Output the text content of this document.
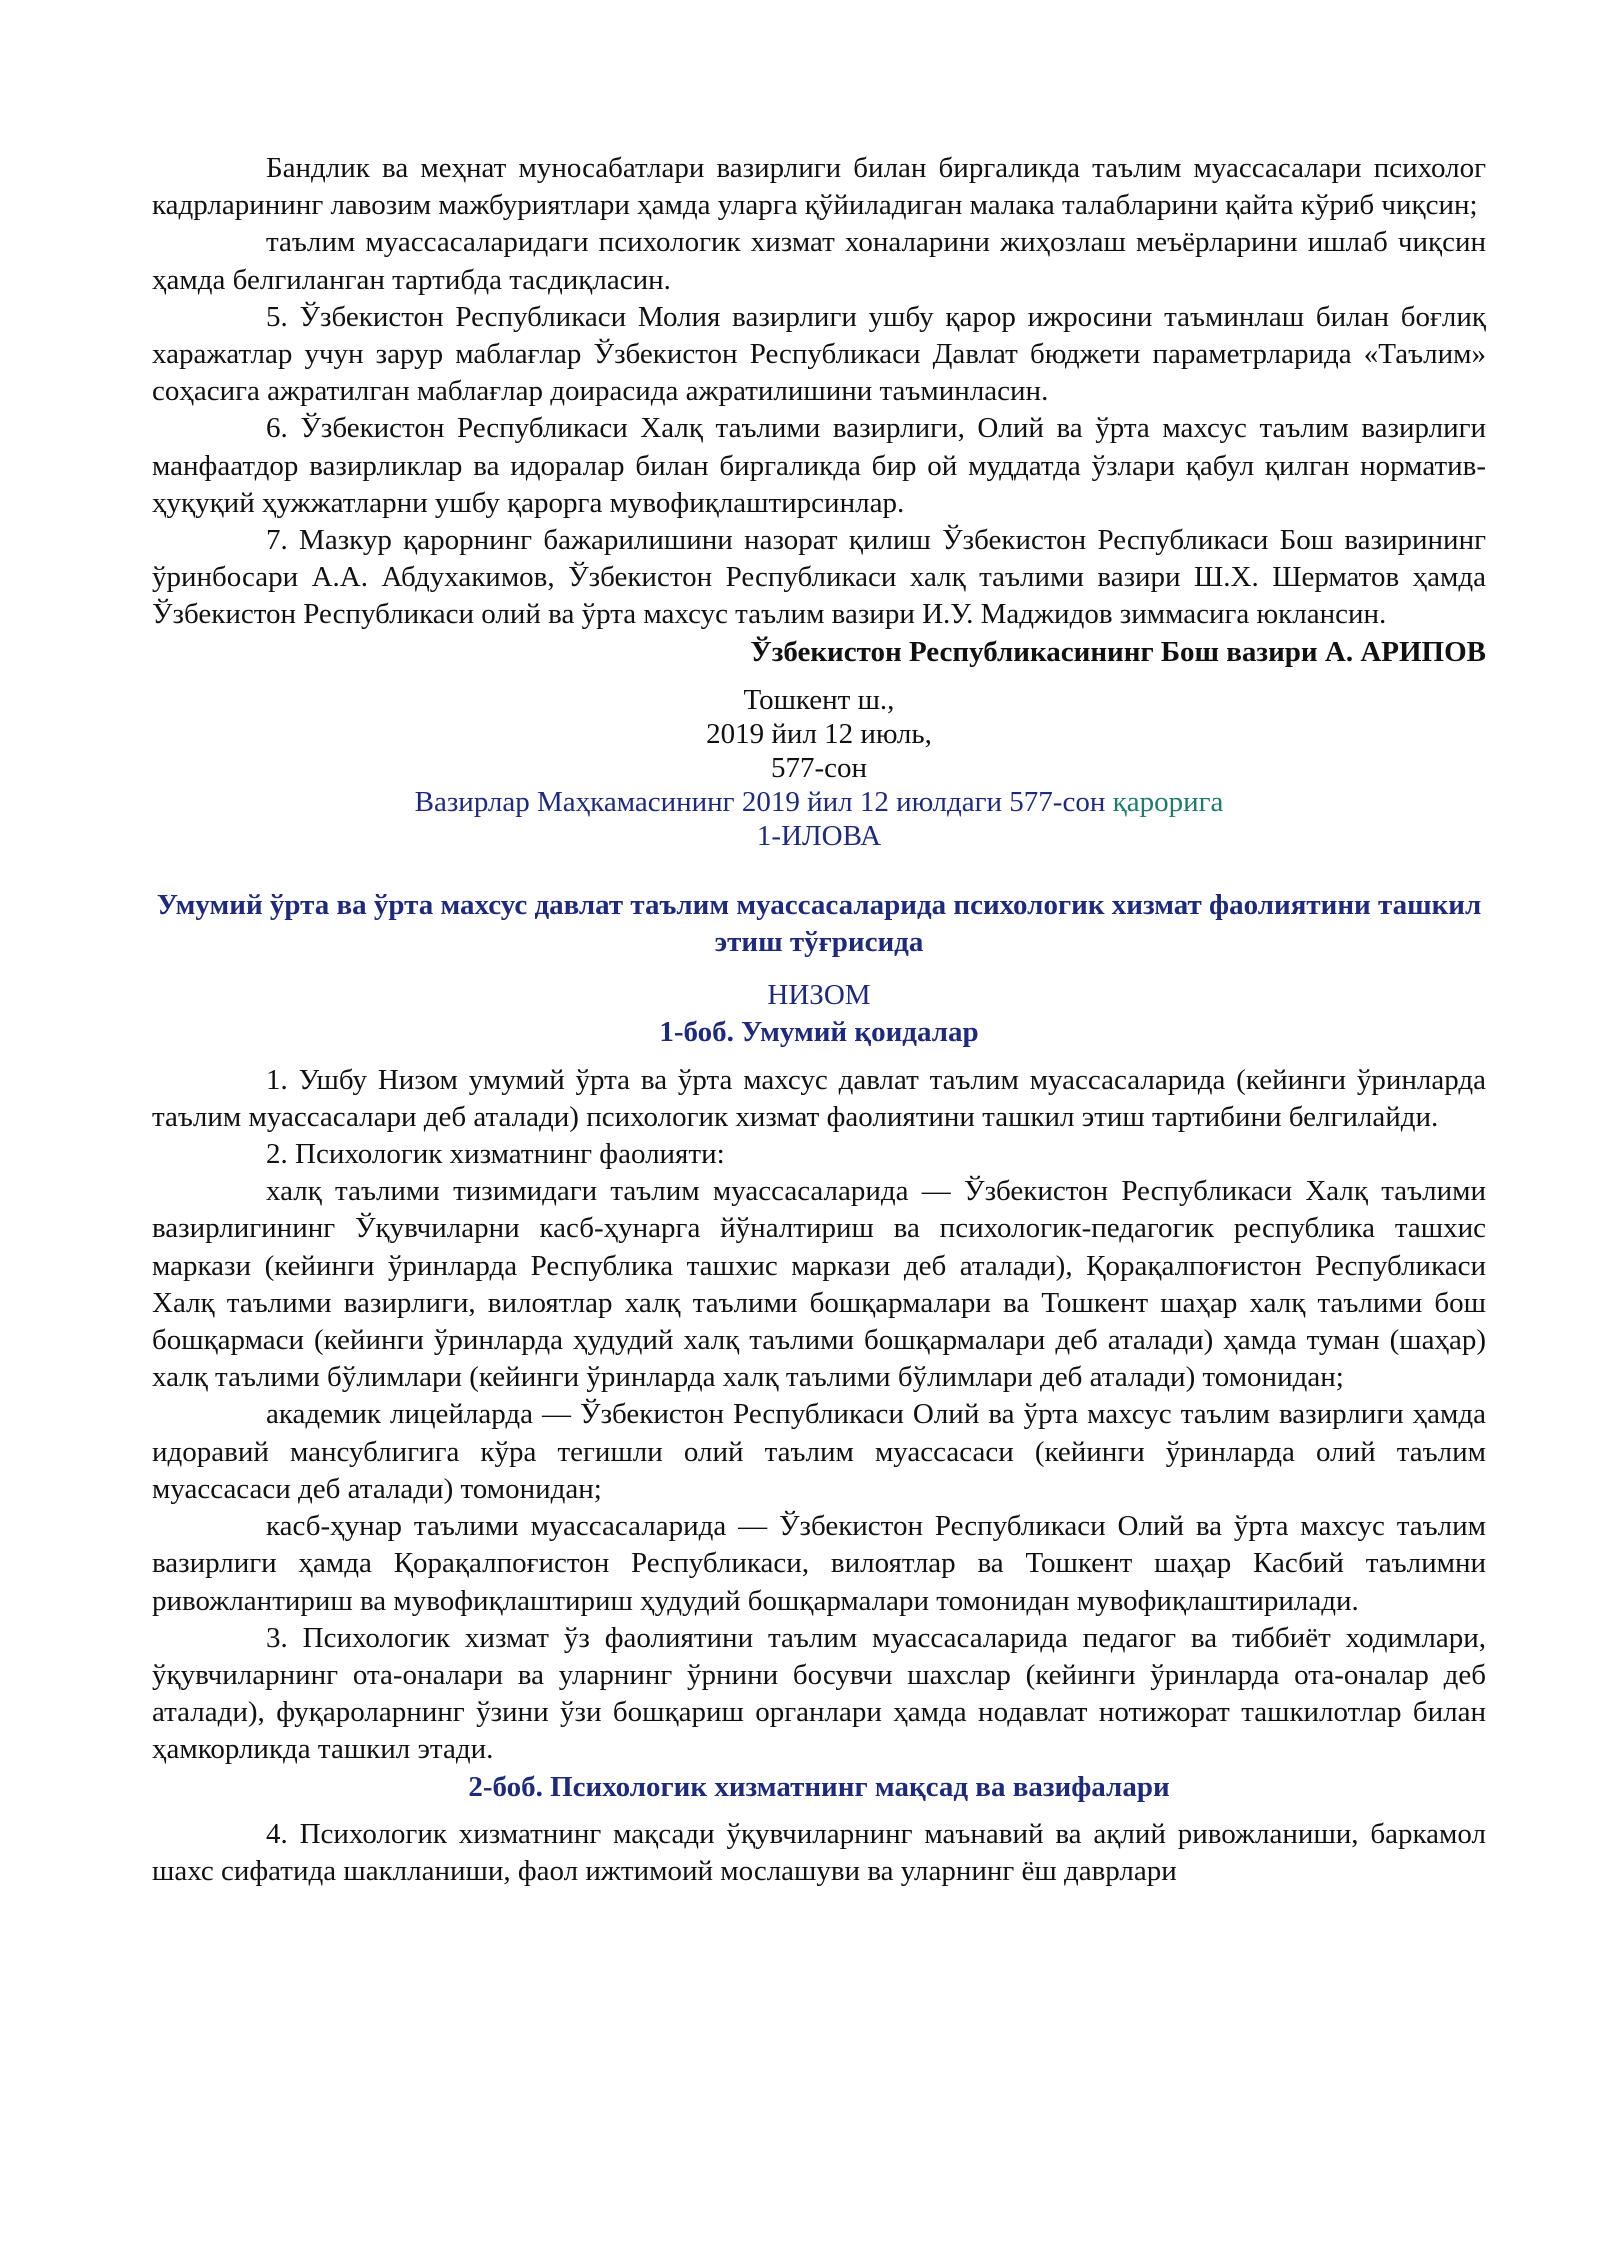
Бандлик ва меҳнат муносабатлари вазирлиги билан биргаликда таълим муассасалари психолог кадрларининг лавозим мажбуриятлари ҳамда уларга қўйиладиган малака талабларини қайта кўриб чиқсин;

таълим муассасаларидаги психологик хизмат хоналарини жиҳозлаш меъёрларини ишлаб чиқсин ҳамда белгиланган тартибда тасдиқласин.

5. Ўзбекистон Республикаси Молия вазирлиги ушбу қарор ижросини таъминлаш билан боғлиқ харажатлар учун зарур маблағлар Ўзбекистон Республикаси Давлат бюджети параметрларида «Таълим» соҳасига ажратилган маблағлар доирасида ажратилишини таъминласин.

6. Ўзбекистон Республикаси Халқ таълими вазирлиги, Олий ва ўрта махсус таълим вазирлиги манфаатдор вазирликлар ва идоралар билан биргаликда бир ой муддатда ўзлари қабул қилган норматив-ҳуқуқий ҳужжатларни ушбу қарорга мувофиқлаштирсинлар.

7. Мазкур қарорнинг бажарилишини назорат қилиш Ўзбекистон Республикаси Бош вазирининг ўринбосари А.А. Абдухакимов, Ўзбекистон Республикаси халқ таълими вазири Ш.Х. Шерматов ҳамда Ўзбекистон Республикаси олий ва ўрта махсус таълим вазири И.У. Маджидов зиммасига юклансин.

Ўзбекистон Республикасининг Бош вазири А. АРИПОВ

Тошкент ш.,

2019 йил 12 июль,

577-сон

Вазирлар Маҳкамасининг 2019 йил 12 июлдаги 577-сон қарорига

1-ИЛОВА

Умумий ўрта ва ўрта махсус давлат таълим муассасаларида психологик хизмат фаолиятини ташкил этиш тўғрисида

НИЗОМ

1-боб. Умумий қоидалар

1. Ушбу Низом умумий ўрта ва ўрта махсус давлат таълим муассасаларида (кейинги ўринларда таълим муассасалари деб аталади) психологик хизмат фаолиятини ташкил этиш тартибини белгилайди.

2. Психологик хизматнинг фаолияти:

халқ таълими тизимидаги таълим муассасаларида — Ўзбекистон Республикаси Халқ таълими вазирлигининг Ўқувчиларни касб-ҳунарга йўналтириш ва психологик-педагогик республика ташхис маркази (кейинги ўринларда Республика ташхис маркази деб аталади), Қорақалпоғистон Республикаси Халқ таълими вазирлиги, вилоятлар халқ таълими бошқармалари ва Тошкент шаҳар халқ таълими бош бошқармаси (кейинги ўринларда ҳудудий халқ таълими бошқармалари деб аталади) ҳамда туман (шаҳар) халқ таълими бўлимлари (кейинги ўринларда халқ таълими бўлимлари деб аталади) томонидан;

академик лицейларда — Ўзбекистон Республикаси Олий ва ўрта махсус таълим вазирлиги ҳамда идоравий мансублигига кўра тегишли олий таълим муассасаси (кейинги ўринларда олий таълим муассасаси деб аталади) томонидан;

касб-ҳунар таълими муассасаларида — Ўзбекистон Республикаси Олий ва ўрта махсус таълим вазирлиги ҳамда Қорақалпоғистон Республикаси, вилоятлар ва Тошкент шаҳар Касбий таълимни ривожлантириш ва мувофиқлаштириш ҳудудий бошқармалари томонидан мувофиқлаштирилади.

3. Психологик хизмат ўз фаолиятини таълим муассасаларида педагог ва тиббиёт ходимлари, ўқувчиларнинг ота-оналари ва уларнинг ўрнини босувчи шахслар (кейинги ўринларда ота-оналар деб аталади), фуқароларнинг ўзини ўзи бошқариш органлари ҳамда нодавлат нотижорат ташкилотлар билан ҳамкорликда ташкил этади.

2-боб. Психологик хизматнинг мақсад ва вазифалари

4. Психологик хизматнинг мақсади ўқувчиларнинг маънавий ва ақлий ривожланиши, баркамол шахс сифатида шаклланиши, фаол ижтимоий мослашуви ва уларнинг ёш даврлари
